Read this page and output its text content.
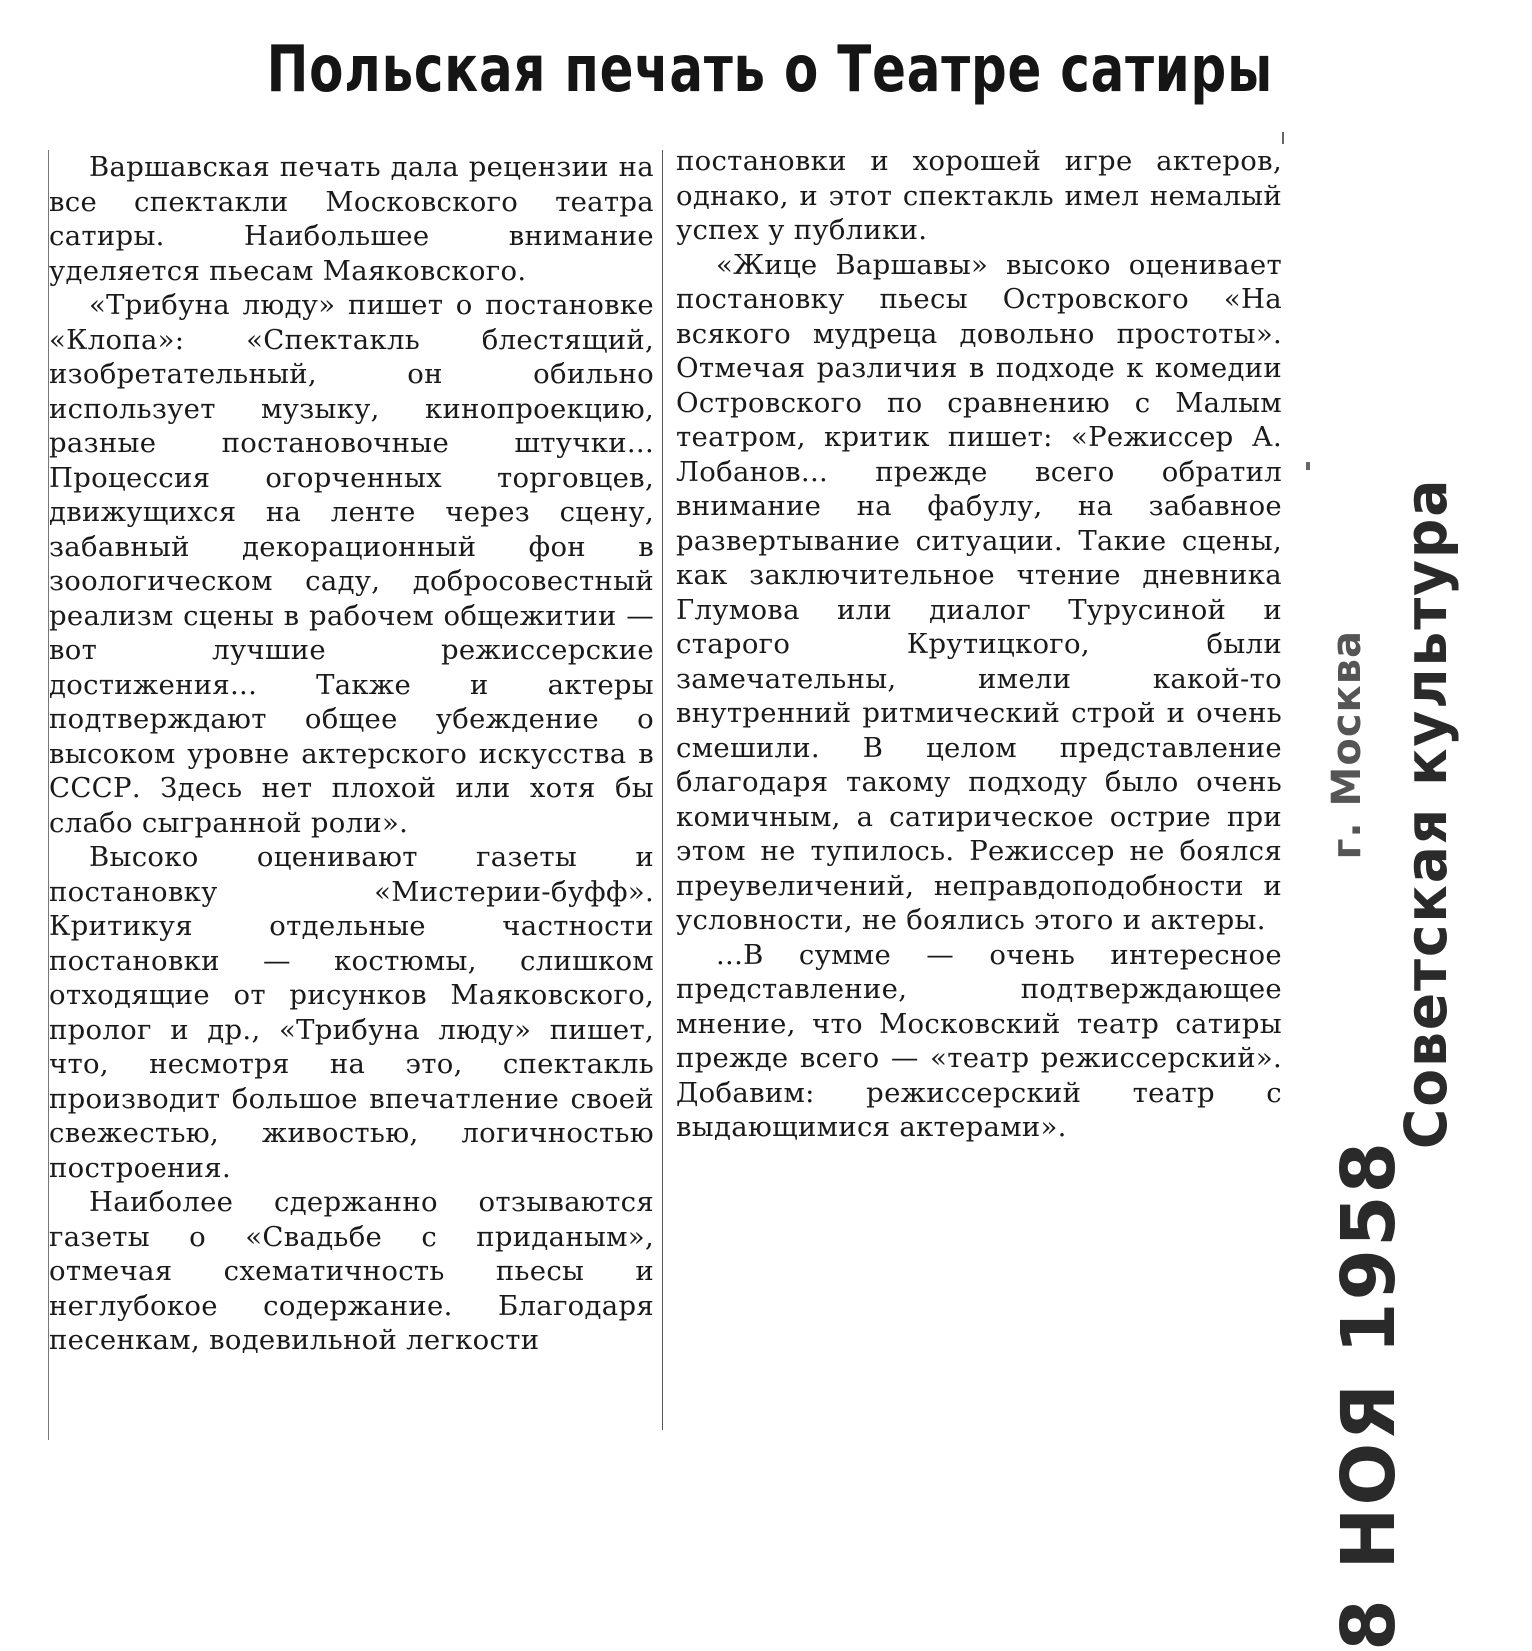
Польская печать о Театре сатиры

Варшавская печать дала рецензии на все спектакли Московского театра сатиры. Наибольшее внимание уделяется пьесам Маяковского.

«Трибуна люду» пишет о постановке «Клопа»: «Спектакль блестящий, изобретательный, он обильно использует музыку, кинопроекцию, разные постановочные штучки... Процессия огорченных торговцев, движущихся на ленте через сцену, забавный декорационный фон в зоологическом саду, добросовестный реализм сцены в рабочем общежитии — вот лучшие режиссерские достижения... Также и актеры подтверждают общее убеждение о высоком уровне актерского искусства в СССР. Здесь нет плохой или хотя бы слабо сыгранной роли».

Высоко оценивают газеты и постановку «Мистерии-буфф». Критикуя отдельные частности постановки — костюмы, слишком отходящие от рисунков Маяковского, пролог и др., «Трибуна люду» пишет, что, несмотря на это, спектакль производит большое впечатление своей свежестью, живостью, логичностью построения.

Наиболее сдержанно отзываются газеты о «Свадьбе с приданым», отмечая схематичность пьесы и неглубокое содержание. Благодаря песенкам, водевильной легкости

постановки и хорошей игре актеров, однако, и этот спектакль имел немалый успех у публики.

«Жице Варшавы» высоко оценивает постановку пьесы Островского «На всякого мудреца довольно простоты». Отмечая различия в подходе к комедии Островского по сравнению с Малым театром, критик пишет: «Режиссер А. Лобанов... прежде всего обратил внимание на фабулу, на забавное развертывание ситуации. Такие сцены, как заключительное чтение дневника Глумова или диалог Турусиной и старого Крутицкого, были замечательны, имели какой-то внутренний ритмический строй и очень смешили. В целом представление благодаря такому подходу было очень комичным, а сатирическое острие при этом не тупилось. Режиссер не боялся преувеличений, неправдоподобности и условности, не боялись этого и актеры.

...В сумме — очень интересное представление, подтверждающее мнение, что Московский театр сатиры прежде всего — «театр режиссерский». Добавим: режиссерский театр с выдающимися актерами».	Советская культура
г. Москва
8 НОЯ 1958
